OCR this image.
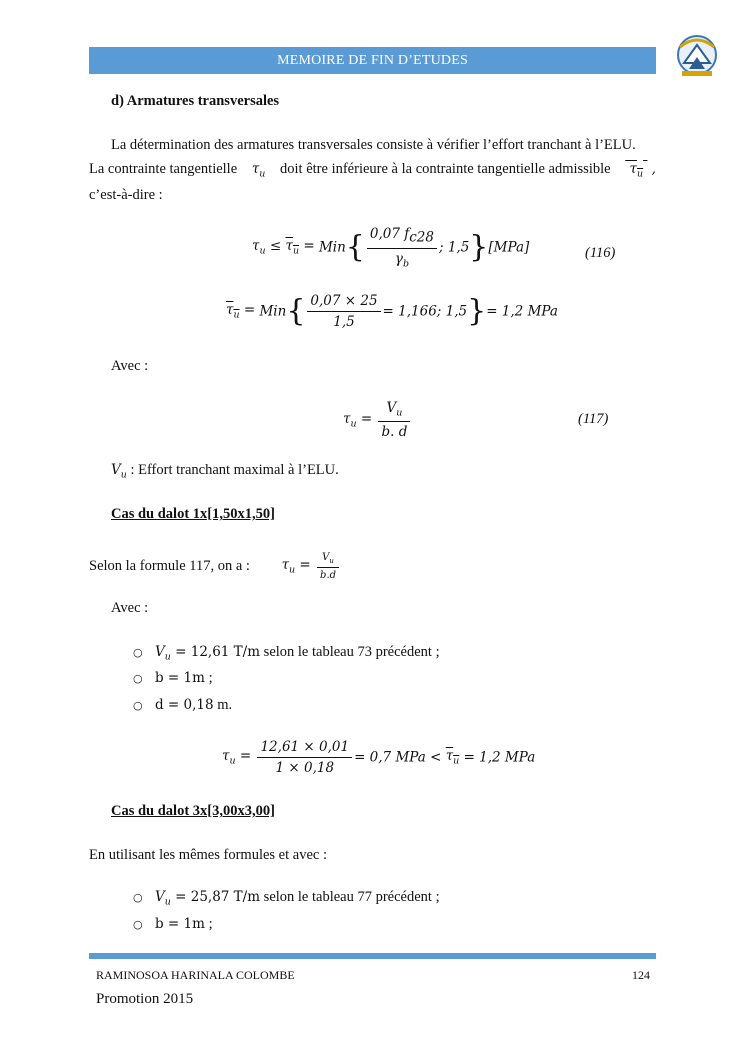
MEMOIRE DE FIN D’ETUDES
d) Armatures transversales
La détermination des armatures transversales consiste à vérifier l’effort tranchant à l’ELU.
La contrainte tangentielle $\tau_u$ doit être inférieure à la contrainte tangentielle admissible $\tau_u$  ,
c’est-à-dire :
$\tau_u \le \tau_u = Min\{ \frac{0,07 f_{c28}}{\gamma_b}$ ; 1,5}[MPa]	(116)
$\tau_u = Min\{ \frac{0,07 \times 25}{1,5} = 1,166$; 1,5}= 1,2 MPa
Avec :
$\tau_u = \frac{V_u}{b. d}$	(117)
$V_u$ : Effort tranchant maximal à l’ELU.
Cas du dalot 1x[1,50x1,50]
Selon la formule 117, on a : $\tau_u = \frac{V_u}{b.d}$
Avec :
○ $V_u = 12,61$ T/m selon le tableau 73 précédent ;
○ b = 1m ;
○ d = 0,18 m.
$\tau_u = \frac{12,61 \times 0,01}{1 \times 0,18} = 0,7$ MPa < $\tau_u = 1,2$ MPa
Cas du dalot 3x[3,00x3,00]
En utilisant les mêmes formules et avec :
○ $V_u = 25,87$ T/m selon le tableau 77 précédent ;
○ b = 1m ;
RAMINOSOA HARINALA COLOMBE	124
Promotion 2015
